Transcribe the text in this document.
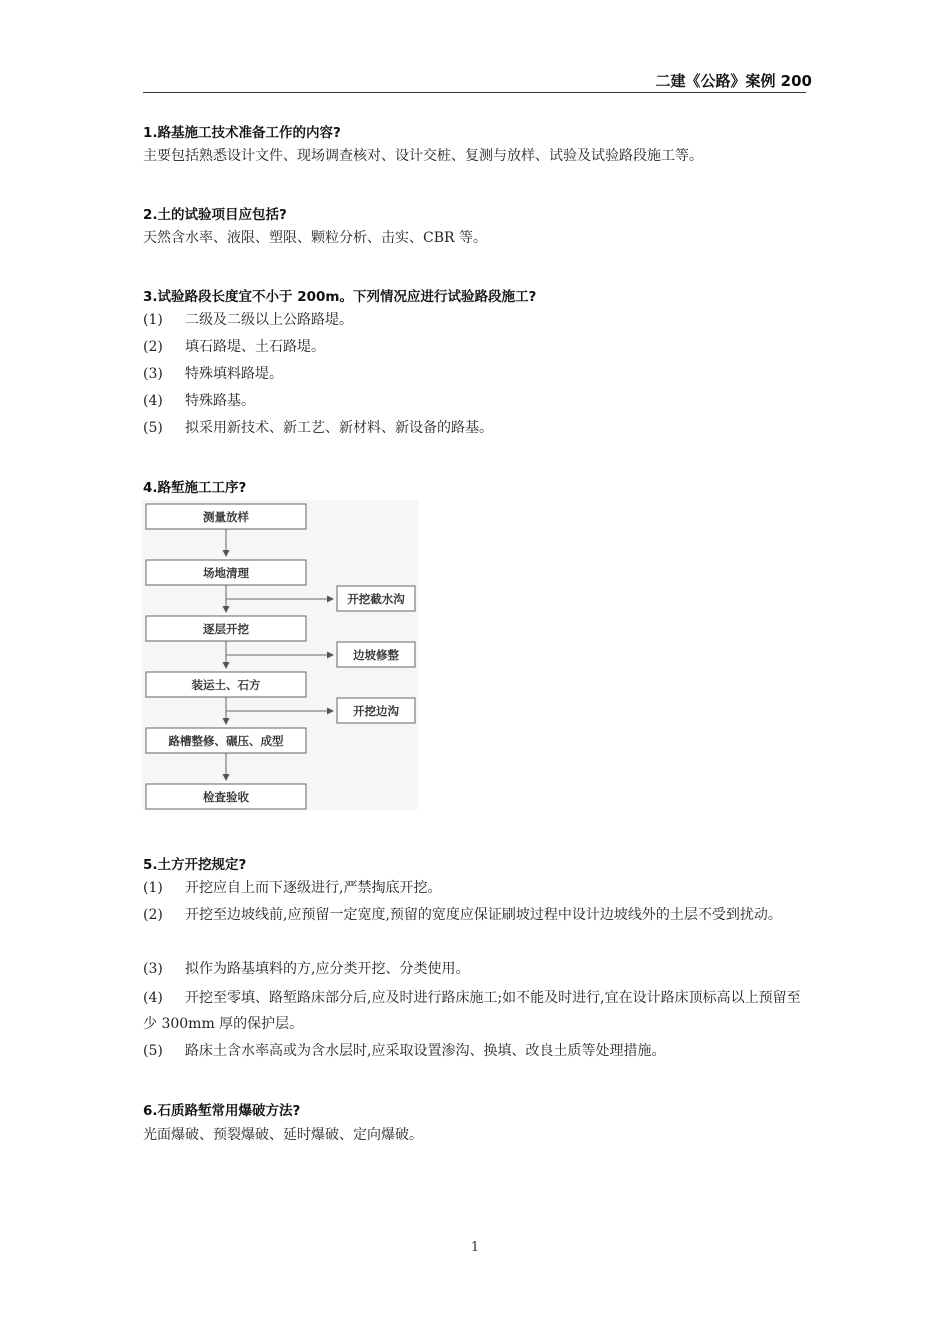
二建《公路》案例 200
1.路基施工技术准备工作的内容?
主要包括熟悉设计文件、现场调查核对、设计交桩、复测与放样、试验及试验路段施工等。
2.土的试验项目应包括?
天然含水率、液限、塑限、颗粒分析、击实、CBR 等。
3.试验路段长度宜不小于 200m。下列情况应进行试验路段施工?
(1) 二级及二级以上公路路堤。
(2) 填石路堤、土石路堤。
(3) 特殊填料路堤。
(4) 特殊路基。
(5) 拟采用新技术、新工艺、新材料、新设备的路基。
4.路堑施工工序?
测量放样
场地清理
逐层开挖
装运土、石方
路槽整修、碾压、成型
检查验收
开挖截水沟
边坡修整
开挖边沟
5.土方开挖规定?
(1) 开挖应自上而下逐级进行,严禁掏底开挖。
(2) 开挖至边坡线前,应预留一定宽度,预留的宽度应保证刷坡过程中设计边坡线外的土层不受到扰动。
(3) 拟作为路基填料的方,应分类开挖、分类使用。
(4) 开挖至零填、路堑路床部分后,应及时进行路床施工;如不能及时进行,宜在设计路床顶标高以上预留至少 300mm 厚的保护层。
(5) 路床土含水率高或为含水层时,应采取设置渗沟、换填、改良土质等处理措施。
6.石质路堑常用爆破方法?
光面爆破、预裂爆破、延时爆破、定向爆破。
1
